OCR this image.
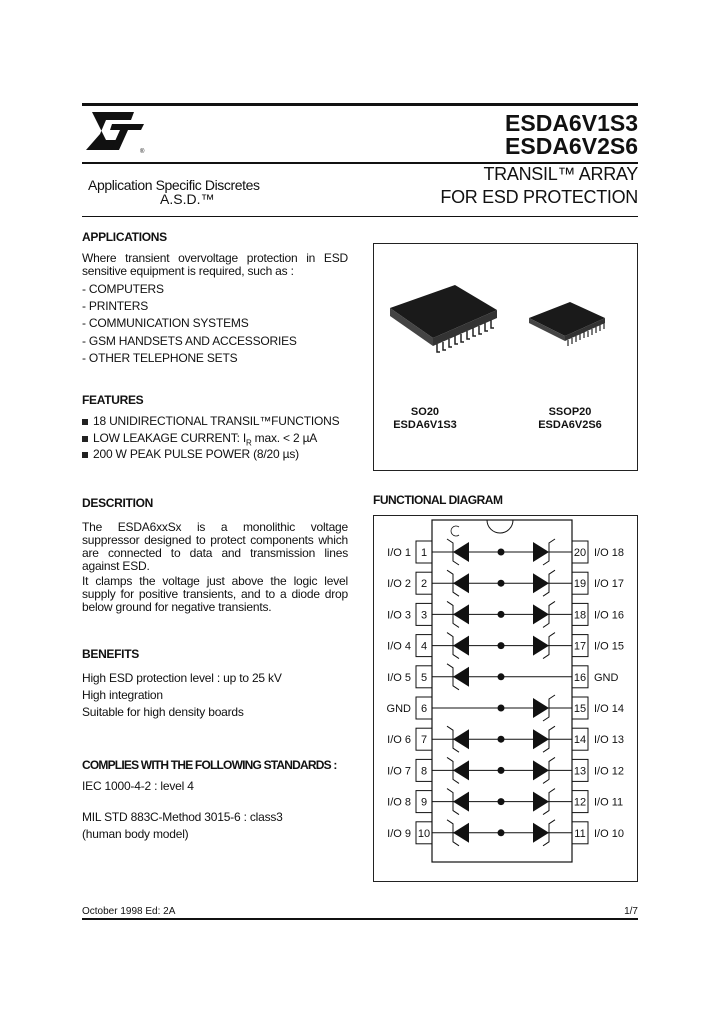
®
ESDA6V1S3
ESDA6V2S6
Application Specific Discretes
A.S.D.™
TRANSIL™ ARRAY
FOR ESD PROTECTION
APPLICATIONS
Where transient overvoltage protection in ESD
sensitive equipment is required, such as :
- COMPUTERS
- PRINTERS
- COMMUNICATION SYSTEMS
- GSM HANDSETS AND ACCESSORIES
- OTHER TELEPHONE SETS
FEATURES
18 UNIDIRECTIONAL TRANSIL™FUNCTIONS
LOW LEAKAGE CURRENT: $I_R$ max. < 2 µA
200 W PEAK PULSE POWER (8/20 µs)
DESCRITION
The ESDA6xxSx is a monolithic voltage
suppressor designed to protect components which
are connected to data and transmission lines
against ESD.
It clamps the voltage just above the logic level
supply for positive transients, and to a diode drop
below ground for negative transients.
BENEFITS
High ESD protection level : up to 25 kV
High integration
Suitable for high density boards
COMPLIES WITH THE FOLLOWING STANDARDS :
IEC 1000-4-2 : level 4
MIL STD 883C-Method 3015-6 : class3
(human body model)
SO20
ESDA6V1S3
SSOP20
ESDA6V2S6
FUNCTIONAL DIAGRAM
I/O 1 1	20 I/O 18
I/O 2 2	19 I/O 17
I/O 3 3	18 I/O 16
I/O 4 4	17 I/O 15
I/O 5 5	16 GND
GND 6	15 I/O 14
I/O 6 7	14 I/O 13
I/O 7 8	13 I/O 12
I/O 8 9	12 I/O 11
I/O 9 10	11 I/O 10
October 1998 Ed: 2A	1/7
